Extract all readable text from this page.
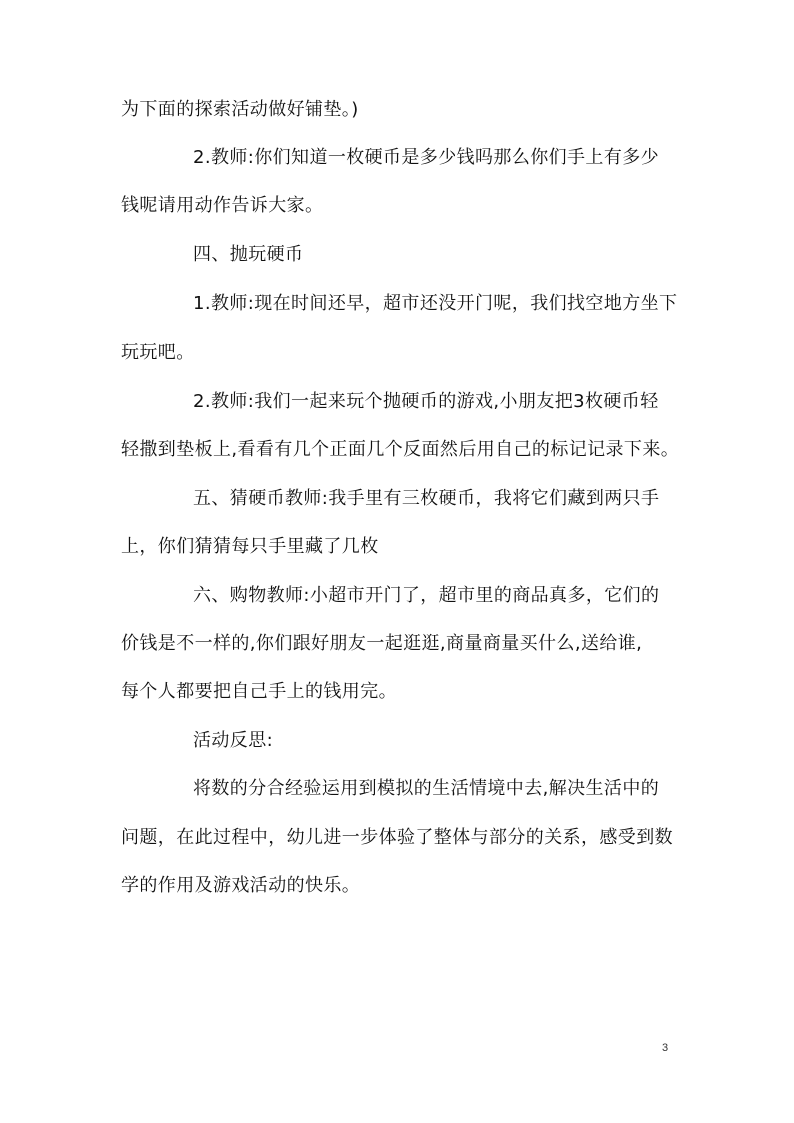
为下面的探索活动做好铺垫。)
2.教师:你们知道一枚硬币是多少钱吗那么你们手上有多少
钱呢请用动作告诉大家。
四、抛玩硬币
1.教师:现在时间还早，超市还没开门呢，我们找空地方坐下
玩玩吧。
2.教师:我们一起来玩个抛硬币的游戏,小朋友把3枚硬币轻
轻撒到垫板上,看看有几个正面几个反面然后用自己的标记记录下来。
五、猜硬币教师:我手里有三枚硬币，我将它们藏到两只手
上，你们猜猜每只手里藏了几枚
六、购物教师:小超市开门了，超市里的商品真多，它们的
价钱是不一样的,你们跟好朋友一起逛逛,商量商量买什么,送给谁,
每个人都要把自己手上的钱用完。
活动反思:
将数的分合经验运用到模拟的生活情境中去,解决生活中的
问题，在此过程中，幼儿进一步体验了整体与部分的关系，感受到数
学的作用及游戏活动的快乐。
3
